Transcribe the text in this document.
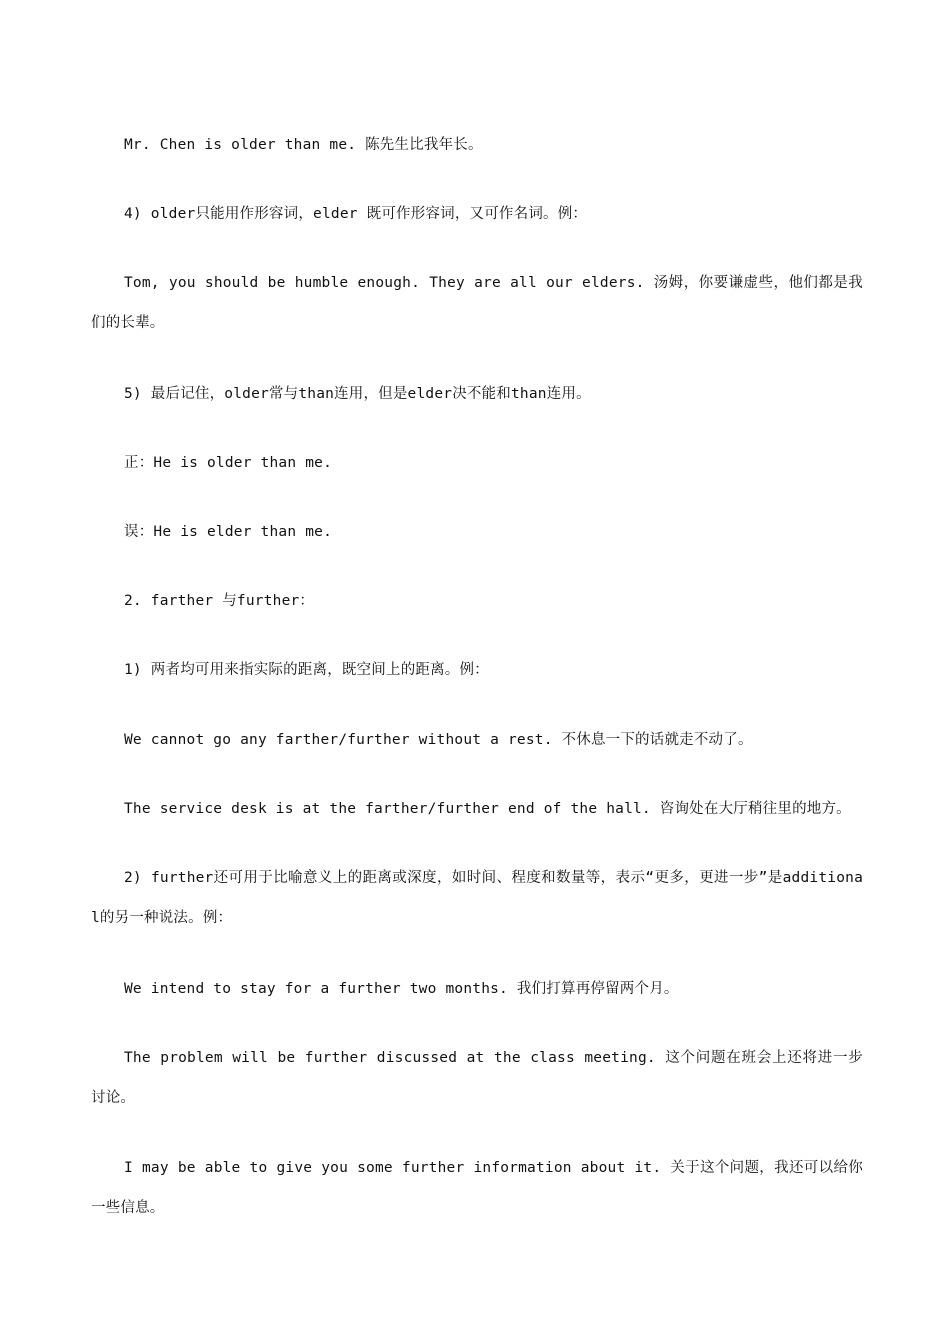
Mr. Chen is older than me. 陈先生比我年长。

4) older只能用作形容词，elder 既可作形容词，又可作名词。例：

Tom, you should be humble enough. They are all our elders. 汤姆，你要谦虚些，他们都是我们的长辈。

5) 最后记住，older常与than连用，但是elder决不能和than连用。

正：He is older than me.

误：He is elder than me.

2. farther 与further：

1) 两者均可用来指实际的距离，既空间上的距离。例：

We cannot go any farther/further without a rest. 不休息一下的话就走不动了。

The service desk is at the farther/further end of the hall. 咨询处在大厅稍往里的地方。

2) further还可用于比喻意义上的距离或深度，如时间、程度和数量等，表示“更多，更进一步”是additional的另一种说法。例：

We intend to stay for a further two months. 我们打算再停留两个月。

The problem will be further discussed at the class meeting. 这个问题在班会上还将进一步讨论。

I may be able to give you some further information about it. 关于这个问题，我还可以给你一些信息。
